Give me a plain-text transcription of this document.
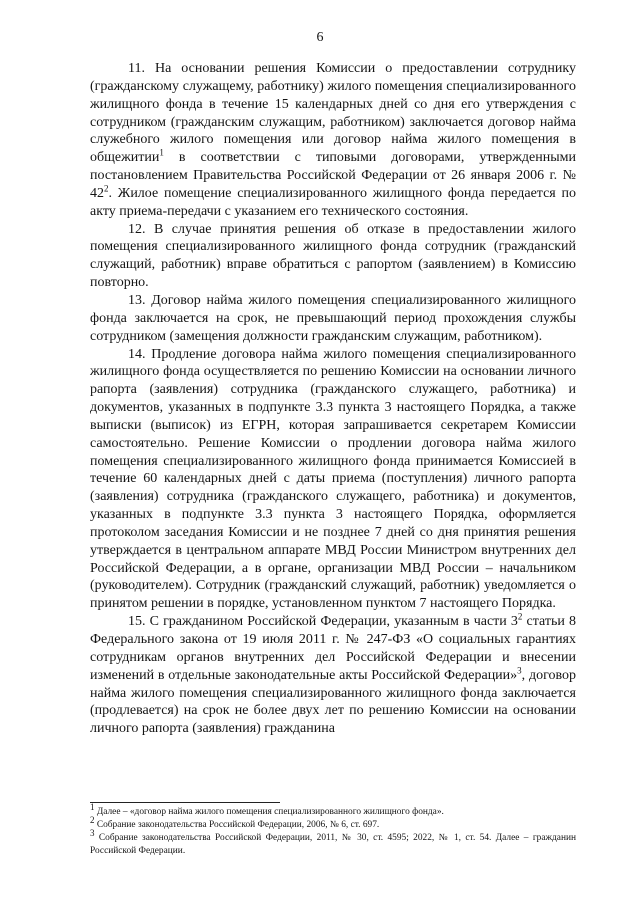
6

11. На основании решения Комиссии о предоставлении сотруднику (гражданскому служащему, работнику) жилого помещения специализированного жилищного фонда в течение 15 календарных дней со дня его утверждения с сотрудником (гражданским служащим, работником) заключается договор найма служебного жилого помещения или договор найма жилого помещения в общежитии$^1$ в соответствии с типовыми договорами, утвержденными постановлением Правительства Российской Федерации от 26 января 2006 г. № $42^2$. Жилое помещение специализированного жилищного фонда передается по акту приема-передачи с указанием его технического состояния.

12. В случае принятия решения об отказе в предоставлении жилого помещения специализированного жилищного фонда сотрудник (гражданский служащий, работник) вправе обратиться с рапортом (заявлением) в Комиссию повторно.

13. Договор найма жилого помещения специализированного жилищного фонда заключается на срок, не превышающий период прохождения службы сотрудником (замещения должности гражданским служащим, работником).

14. Продление договора найма жилого помещения специализированного жилищного фонда осуществляется по решению Комиссии на основании личного рапорта (заявления) сотрудника (гражданского служащего, работника) и документов, указанных в подпункте 3.3 пункта 3 настоящего Порядка, а также выписки (выписок) из ЕГРН, которая запрашивается секретарем Комиссии самостоятельно. Решение Комиссии о продлении договора найма жилого помещения специализированного жилищного фонда принимается Комиссией в течение 60 календарных дней с даты приема (поступления) личного рапорта (заявления) сотрудника (гражданского служащего, работника) и документов, указанных в подпункте 3.3 пункта 3 настоящего Порядка, оформляется протоколом заседания Комиссии и не позднее 7 дней со дня принятия решения утверждается в центральном аппарате МВД России Министром внутренних дел Российской Федерации, а в органе, организации МВД России – начальником (руководителем). Сотрудник (гражданский служащий, работник) уведомляется о принятом решении в порядке, установленном пунктом 7 настоящего Порядка.

15. С гражданином Российской Федерации, указанным в части $3^2$ статьи 8 Федерального закона от 19 июля 2011 г. № 247-ФЗ «О социальных гарантиях сотрудникам органов внутренних дел Российской Федерации и внесении изменений в отдельные законодательные акты Российской Федерации»$^3$, договор найма жилого помещения специализированного жилищного фонда заключается (продлевается) на срок не более двух лет по решению Комиссии на основании личного рапорта (заявления) гражданина

$^1$ Далее – «договор найма жилого помещения специализированного жилищного фонда».

$^2$ Собрание законодательства Российской Федерации, 2006, № 6, ст. 697.

$^3$ Собрание законодательства Российской Федерации, 2011, № 30, ст. 4595; 2022, № 1, ст. 54. Далее – гражданин Российской Федерации.
